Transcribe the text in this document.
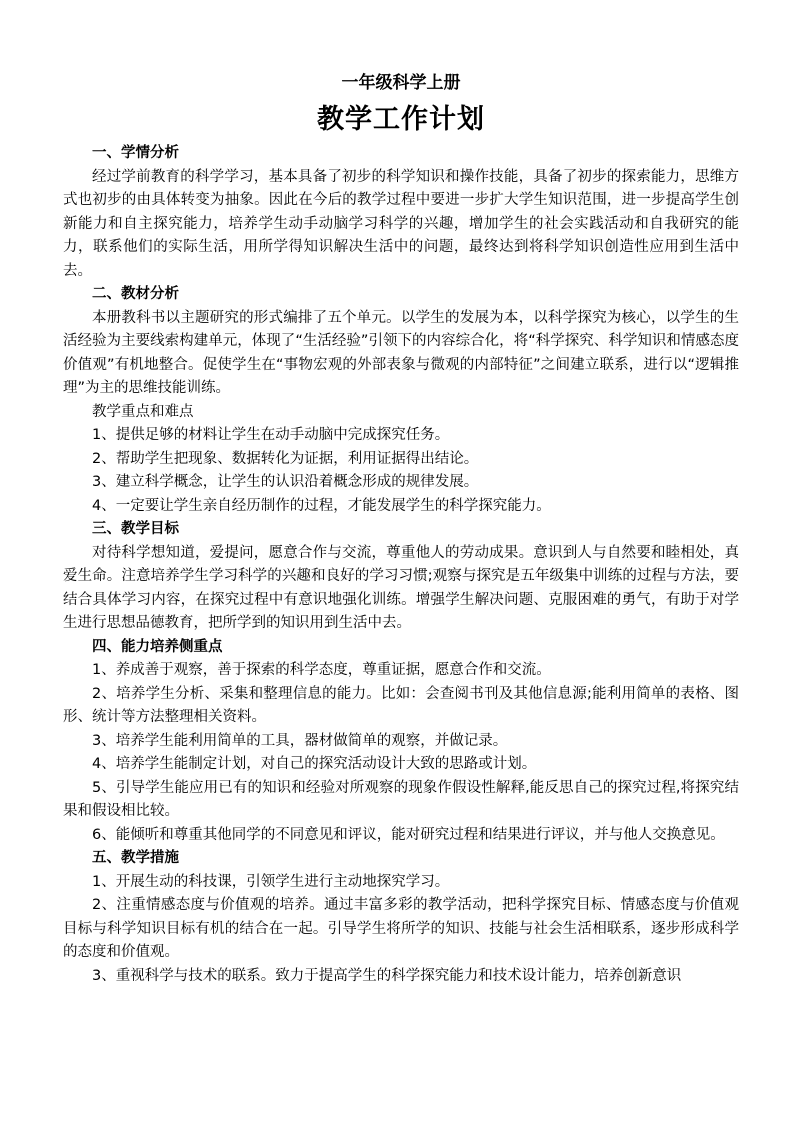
一年级科学上册
教学工作计划
一、学情分析
经过学前教育的科学学习，基本具备了初步的科学知识和操作技能，具备了初步的探索能力，思维方式也初步的由具体转变为抽象。因此在今后的教学过程中要进一步扩大学生知识范围，进一步提高学生创新能力和自主探究能力，培养学生动手动脑学习科学的兴趣，增加学生的社会实践活动和自我研究的能力，联系他们的实际生活，用所学得知识解决生活中的问题，最终达到将科学知识创造性应用到生活中去。
二、教材分析
本册教科书以主题研究的形式编排了五个单元。以学生的发展为本，以科学探究为核心，以学生的生活经验为主要线索构建单元，体现了“生活经验”引领下的内容综合化，将“科学探究、科学知识和情感态度价值观”有机地整合。促使学生在“事物宏观的外部表象与微观的内部特征”之间建立联系，进行以“逻辑推理”为主的思维技能训练。
教学重点和难点
1、提供足够的材料让学生在动手动脑中完成探究任务。
2、帮助学生把现象、数据转化为证据，利用证据得出结论。
3、建立科学概念，让学生的认识沿着概念形成的规律发展。
4、一定要让学生亲自经历制作的过程，才能发展学生的科学探究能力。
三、教学目标
对待科学想知道，爱提问，愿意合作与交流，尊重他人的劳动成果。意识到人与自然要和睦相处，真爱生命。注意培养学生学习科学的兴趣和良好的学习习惯;观察与探究是五年级集中训练的过程与方法，要结合具体学习内容，在探究过程中有意识地强化训练。增强学生解决问题、克服困难的勇气，有助于对学生进行思想品德教育，把所学到的知识用到生活中去。
四、能力培养侧重点
1、养成善于观察，善于探索的科学态度，尊重证据，愿意合作和交流。
2、培养学生分析、采集和整理信息的能力。比如：会查阅书刊及其他信息源;能利用简单的表格、图形、统计等方法整理相关资料。
3、培养学生能利用简单的工具，器材做简单的观察，并做记录。
4、培养学生能制定计划，对自己的探究活动设计大致的思路或计划。
5、引导学生能应用已有的知识和经验对所观察的现象作假设性解释,能反思自己的探究过程,将探究结果和假设相比较。
6、能倾听和尊重其他同学的不同意见和评议，能对研究过程和结果进行评议，并与他人交换意见。
五、教学措施
1、开展生动的科技课，引领学生进行主动地探究学习。
2、注重情感态度与价值观的培养。通过丰富多彩的教学活动，把科学探究目标、情感态度与价值观目标与科学知识目标有机的结合在一起。引导学生将所学的知识、技能与社会生活相联系，逐步形成科学的态度和价值观。
3、重视科学与技术的联系。致力于提高学生的科学探究能力和技术设计能力，培养创新意识
